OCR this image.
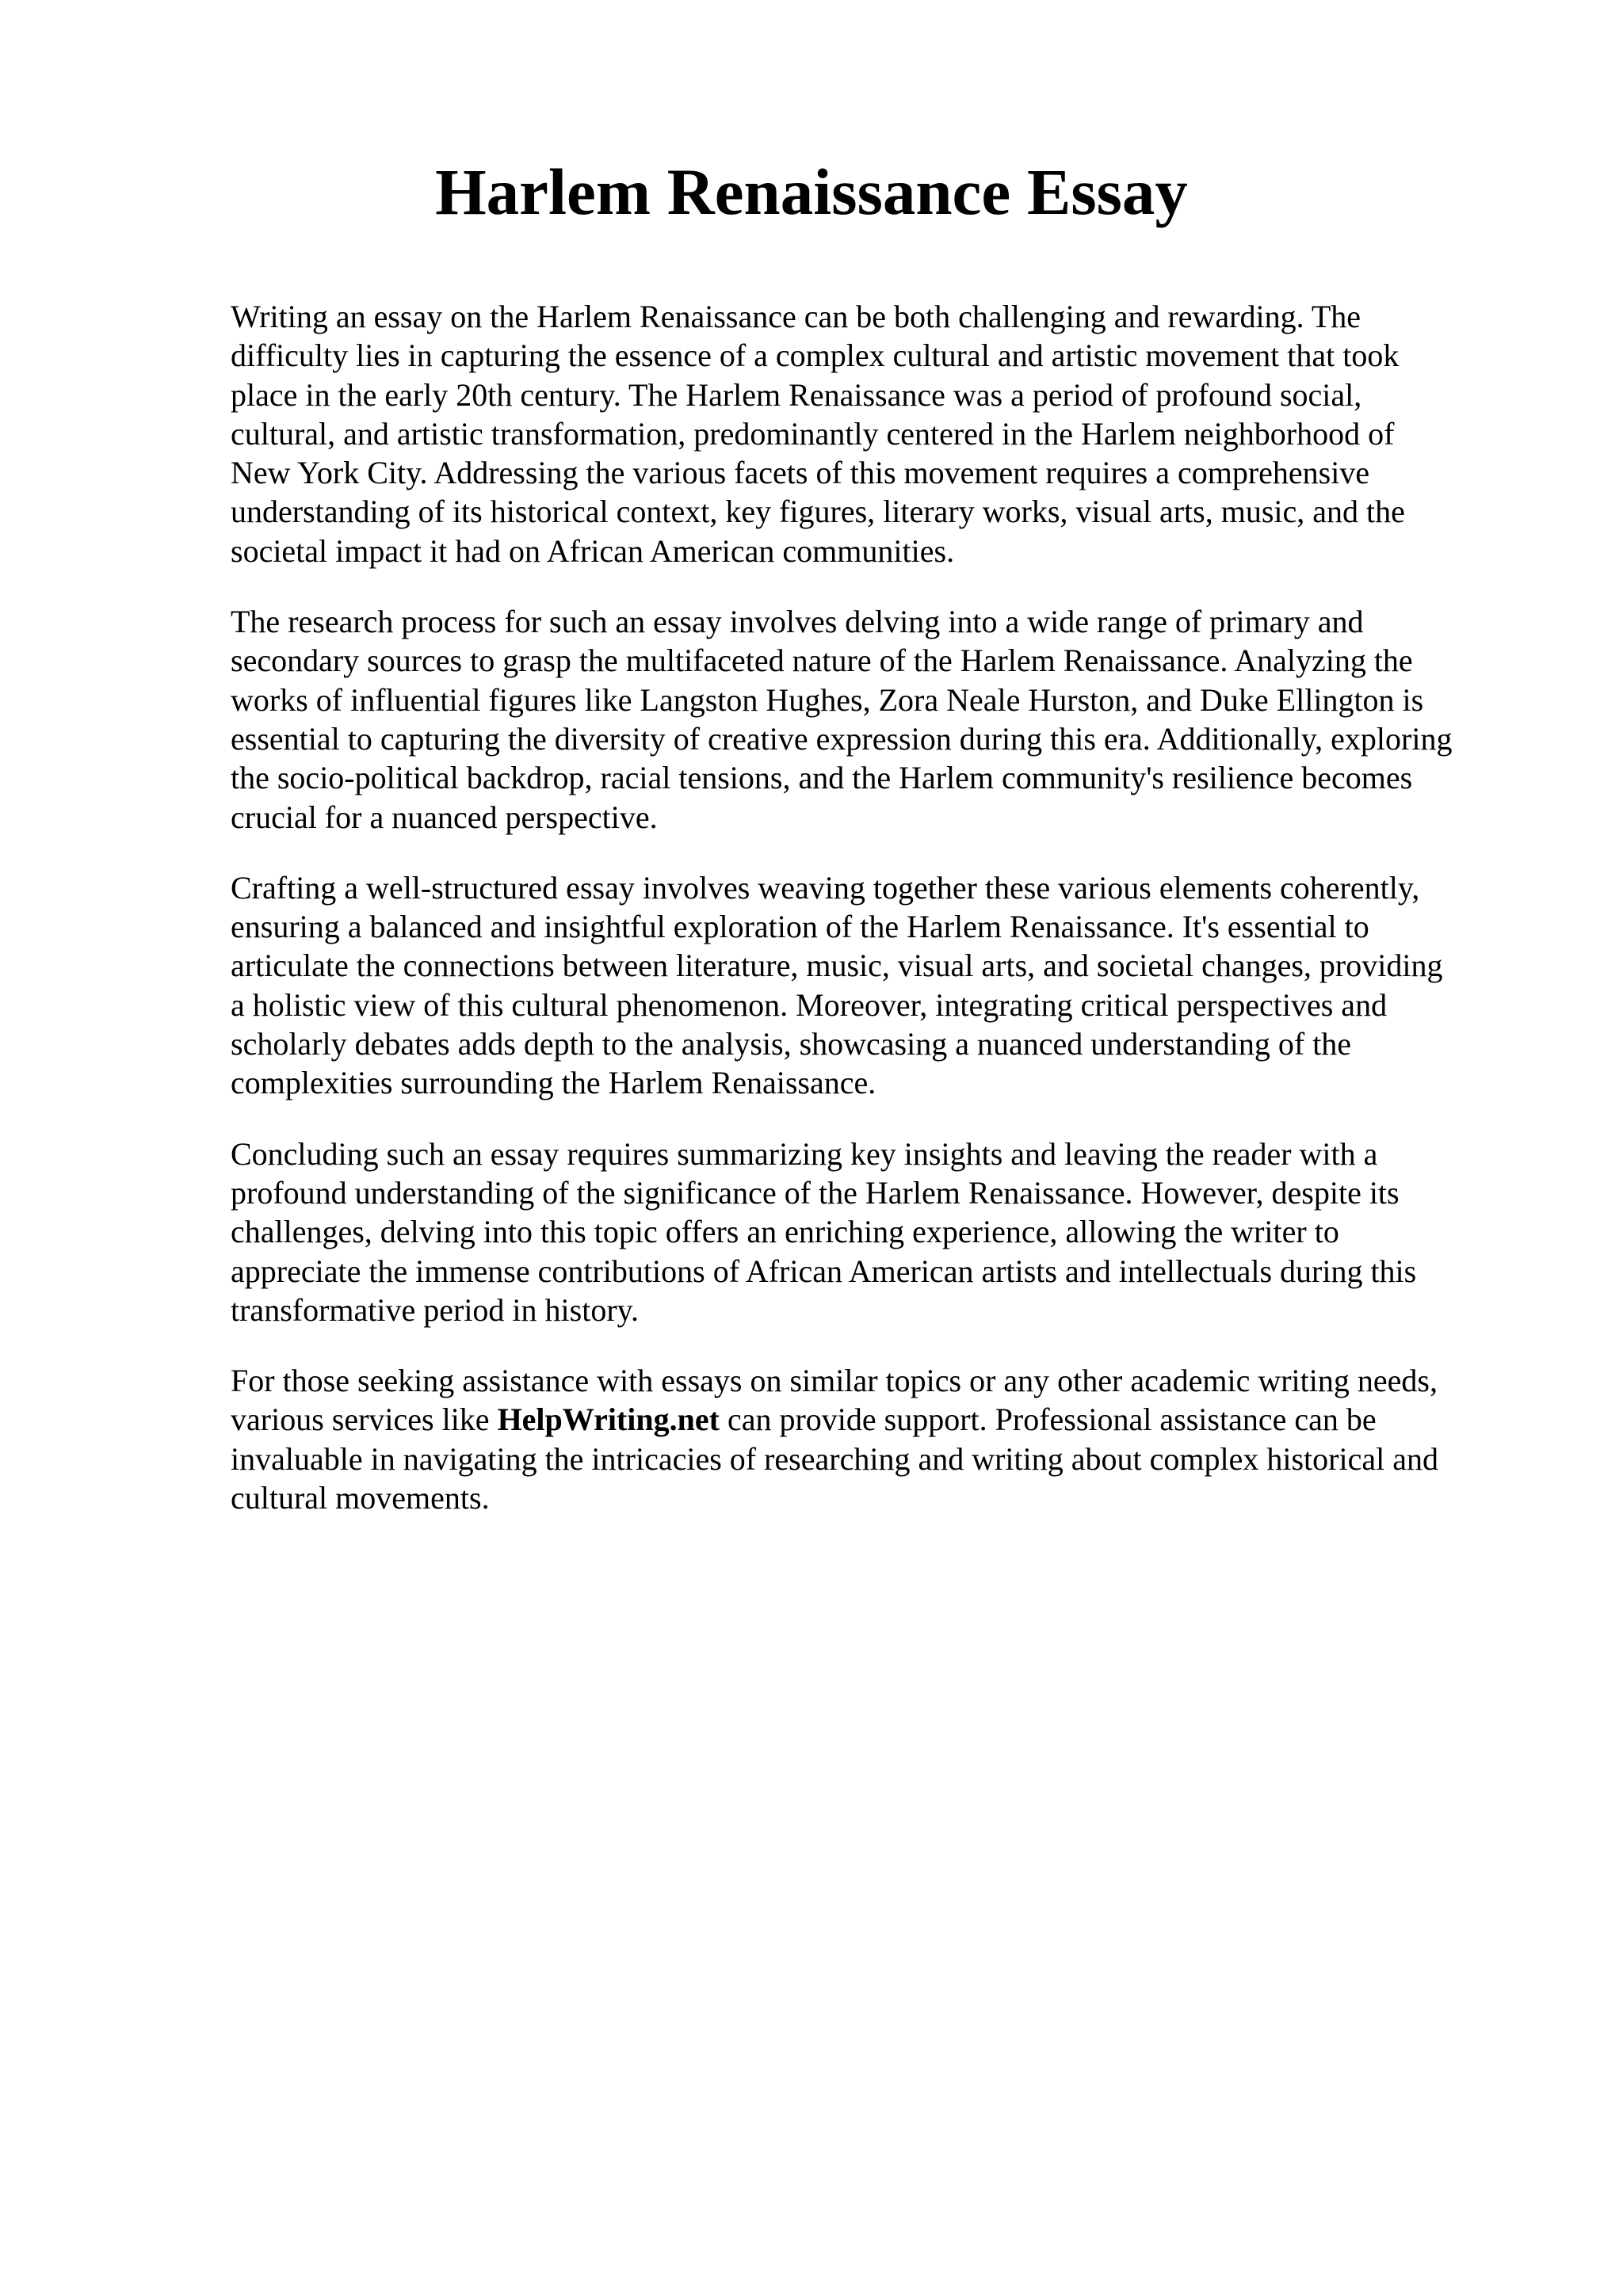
Harlem Renaissance Essay

Writing an essay on the Harlem Renaissance can be both challenging and rewarding. The
difficulty lies in capturing the essence of a complex cultural and artistic movement that took
place in the early 20th century. The Harlem Renaissance was a period of profound social,
cultural, and artistic transformation, predominantly centered in the Harlem neighborhood of
New York City. Addressing the various facets of this movement requires a comprehensive
understanding of its historical context, key figures, literary works, visual arts, music, and the
societal impact it had on African American communities.

The research process for such an essay involves delving into a wide range of primary and
secondary sources to grasp the multifaceted nature of the Harlem Renaissance. Analyzing the
works of influential figures like Langston Hughes, Zora Neale Hurston, and Duke Ellington is
essential to capturing the diversity of creative expression during this era. Additionally, exploring
the socio-political backdrop, racial tensions, and the Harlem community's resilience becomes
crucial for a nuanced perspective.

Crafting a well-structured essay involves weaving together these various elements coherently,
ensuring a balanced and insightful exploration of the Harlem Renaissance. It's essential to
articulate the connections between literature, music, visual arts, and societal changes, providing
a holistic view of this cultural phenomenon. Moreover, integrating critical perspectives and
scholarly debates adds depth to the analysis, showcasing a nuanced understanding of the
complexities surrounding the Harlem Renaissance.

Concluding such an essay requires summarizing key insights and leaving the reader with a
profound understanding of the significance of the Harlem Renaissance. However, despite its
challenges, delving into this topic offers an enriching experience, allowing the writer to
appreciate the immense contributions of African American artists and intellectuals during this
transformative period in history.

For those seeking assistance with essays on similar topics or any other academic writing needs,
various services like HelpWriting.net can provide support. Professional assistance can be
invaluable in navigating the intricacies of researching and writing about complex historical and
cultural movements.
